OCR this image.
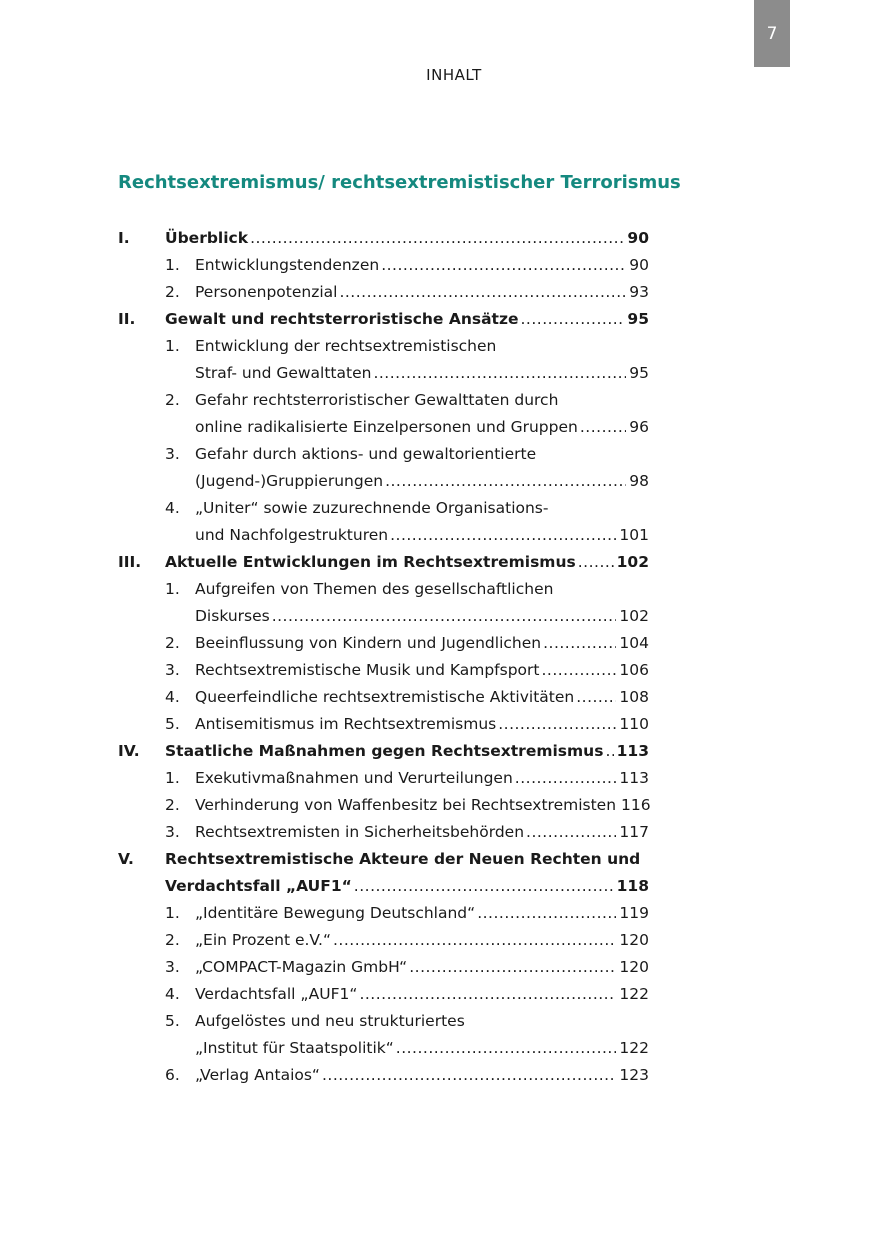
7
INHALT
Rechtsextremismus/ rechtsextremistischer Terrorismus
I. Überblick .....	90
1. Entwicklungstendenzen .....	90
2. Personenpotenzial .....	93
II. Gewalt und rechtsterroristische Ansätze .....	95
1. Entwicklung der rechtsextremistischen
Straf- und Gewalttaten .....	95
2. Gefahr rechtsterroristischer Gewalttaten durch
online radikalisierte Einzelpersonen und Gruppen .....	96
3. Gefahr durch aktions- und gewaltorientierte
(Jugend-)Gruppierungen .....	98
4. „Uniter“ sowie zuzurechnende Organisations-
und Nachfolgestrukturen .....	101
III. Aktuelle Entwicklungen im Rechtsextremismus .....	102
1. Aufgreifen von Themen des gesellschaftlichen
Diskurses .....	102
2. Beeinflussung von Kindern und Jugendlichen .....	104
3. Rechtsextremistische Musik und Kampfsport .....	106
4. Queerfeindliche rechtsextremistische Aktivitäten .....	108
5. Antisemitismus im Rechtsextremismus .....	110
IV. Staatliche Maßnahmen gegen Rechtsextremismus ..... 113
1. Exekutivmaßnahmen und Verurteilungen .....	113
2. Verhinderung von Waffenbesitz bei Rechtsextremisten 116
3. Rechtsextremisten in Sicherheitsbehörden .....	117
V. Rechtsextremistische Akteure der Neuen Rechten und
Verdachtsfall „AUF1“ .....	118
1. „Identitäre Bewegung Deutschland“ .....	119
2. „Ein Prozent e.V.“ .....	120
3. „COMPACT-Magazin GmbH“ .....	120
4. Verdachtsfall „AUF1“ .....	122
5. Aufgelöstes und neu strukturiertes
„Institut für Staatspolitik“ .....	122
6. „Verlag Antaios“ .....	123
